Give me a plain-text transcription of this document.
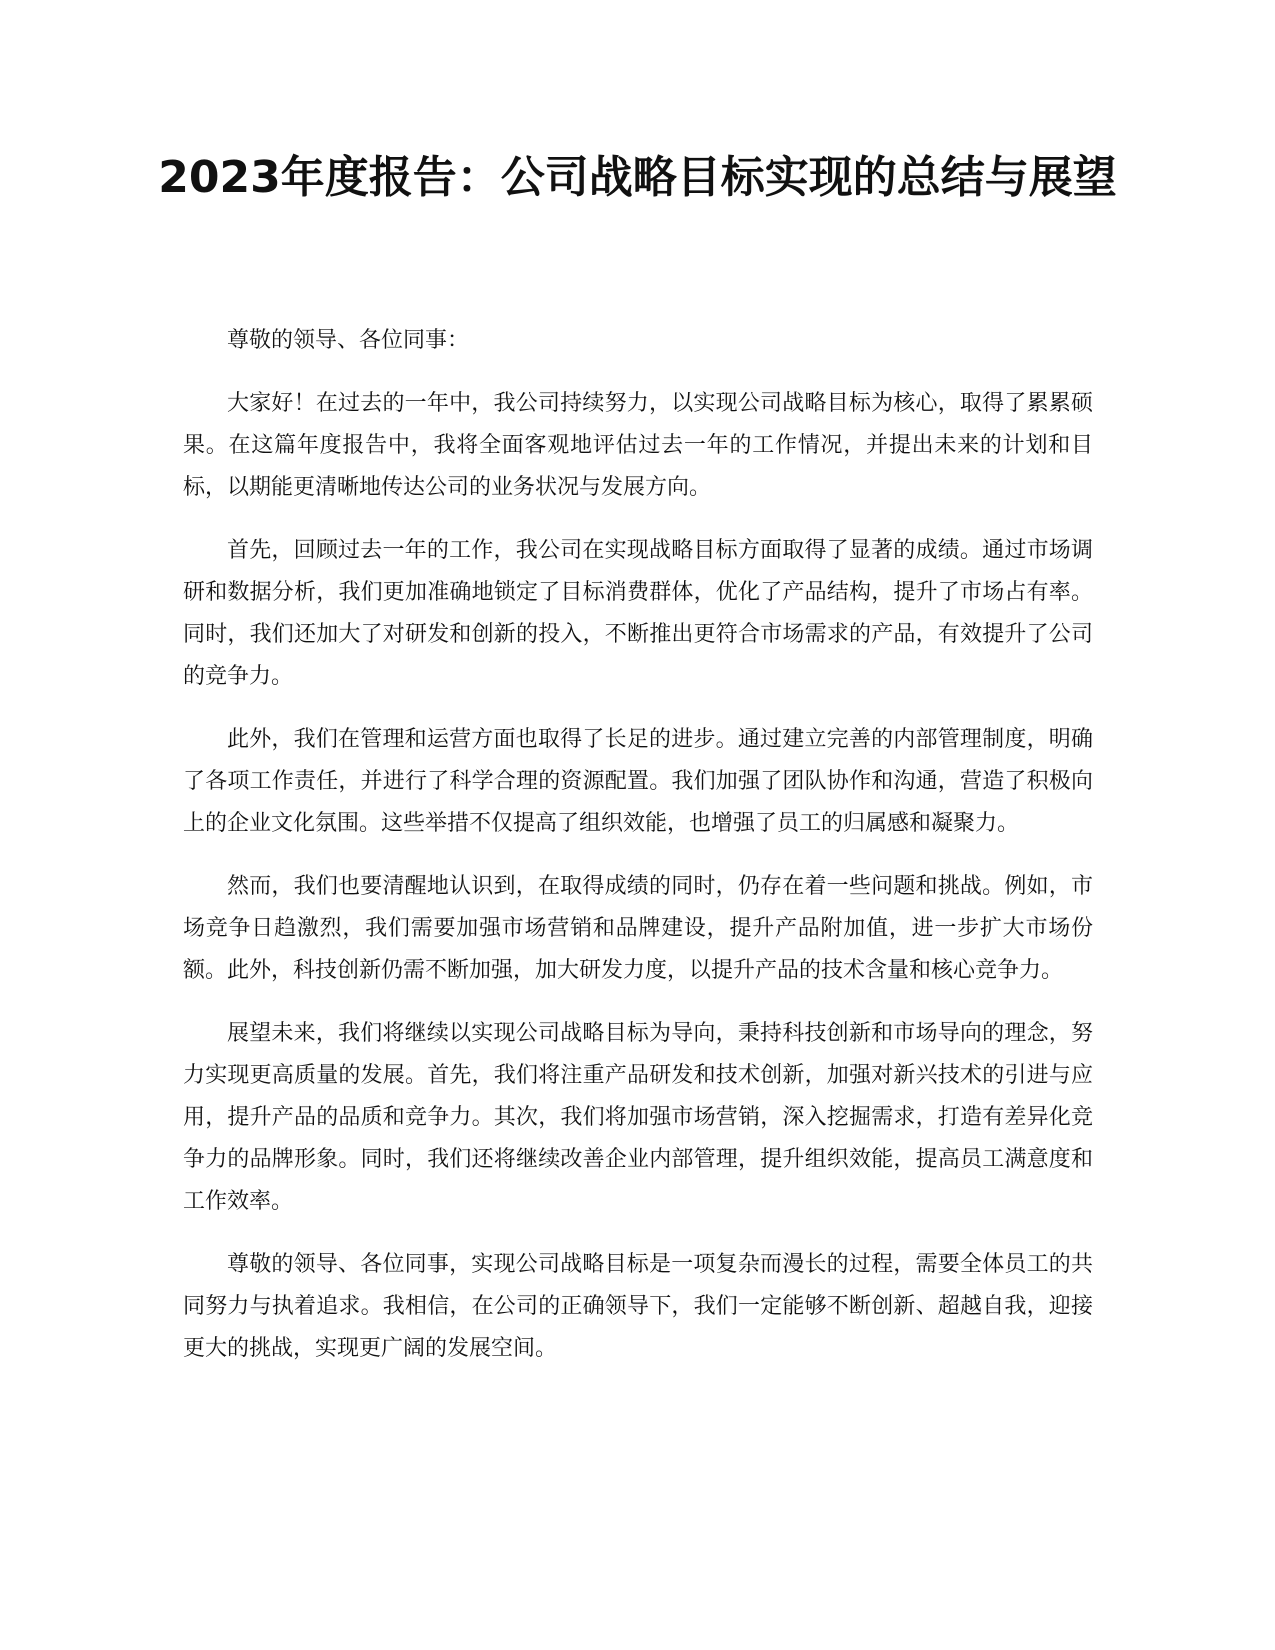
2023年度报告：公司战略目标实现的总结与展望

尊敬的领导、各位同事：

大家好！在过去的一年中，我公司持续努力，以实现公司战略目标为核心，取得了累累硕果。在这篇年度报告中，我将全面客观地评估过去一年的工作情况，并提出未来的计划和目标，以期能更清晰地传达公司的业务状况与发展方向。

首先，回顾过去一年的工作，我公司在实现战略目标方面取得了显著的成绩。通过市场调研和数据分析，我们更加准确地锁定了目标消费群体，优化了产品结构，提升了市场占有率。同时，我们还加大了对研发和创新的投入，不断推出更符合市场需求的产品，有效提升了公司的竞争力。

此外，我们在管理和运营方面也取得了长足的进步。通过建立完善的内部管理制度，明确了各项工作责任，并进行了科学合理的资源配置。我们加强了团队协作和沟通，营造了积极向上的企业文化氛围。这些举措不仅提高了组织效能，也增强了员工的归属感和凝聚力。

然而，我们也要清醒地认识到，在取得成绩的同时，仍存在着一些问题和挑战。例如，市场竞争日趋激烈，我们需要加强市场营销和品牌建设，提升产品附加值，进一步扩大市场份额。此外，科技创新仍需不断加强，加大研发力度，以提升产品的技术含量和核心竞争力。

展望未来，我们将继续以实现公司战略目标为导向，秉持科技创新和市场导向的理念，努力实现更高质量的发展。首先，我们将注重产品研发和技术创新，加强对新兴技术的引进与应用，提升产品的品质和竞争力。其次，我们将加强市场营销，深入挖掘需求，打造有差异化竞争力的品牌形象。同时，我们还将继续改善企业内部管理，提升组织效能，提高员工满意度和工作效率。

尊敬的领导、各位同事，实现公司战略目标是一项复杂而漫长的过程，需要全体员工的共同努力与执着追求。我相信，在公司的正确领导下，我们一定能够不断创新、超越自我，迎接更大的挑战，实现更广阔的发展空间。
